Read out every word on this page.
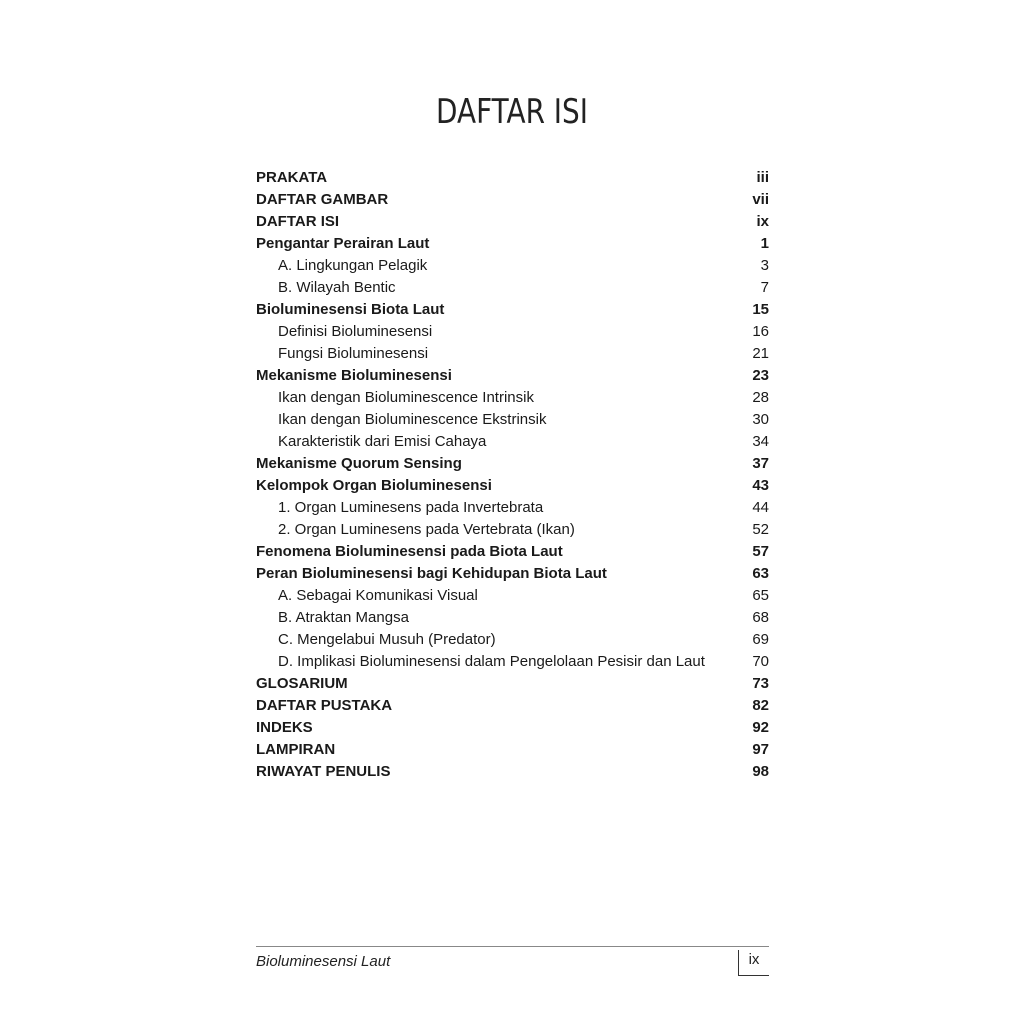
DAFTAR ISI
PRAKATA	iii
DAFTAR GAMBAR	vii
DAFTAR ISI	ix
Pengantar Perairan Laut	1
A. Lingkungan Pelagik	3
B. Wilayah Bentic	7
Bioluminesensi Biota Laut	15
Definisi Bioluminesensi	16
Fungsi Bioluminesensi	21
Mekanisme Bioluminesensi	23
Ikan dengan Bioluminescence Intrinsik	28
Ikan dengan Bioluminescence Ekstrinsik	30
Karakteristik dari Emisi Cahaya	34
Mekanisme Quorum Sensing	37
Kelompok Organ Bioluminesensi	43
1. Organ Luminesens pada Invertebrata	44
2. Organ Luminesens pada Vertebrata (Ikan)	52
Fenomena Bioluminesensi pada Biota Laut	57
Peran Bioluminesensi bagi Kehidupan Biota Laut	63
A. Sebagai Komunikasi Visual	65
B. Atraktan Mangsa	68
C. Mengelabui Musuh (Predator)	69
D. Implikasi Bioluminesensi dalam Pengelolaan Pesisir dan Laut	70
GLOSARIUM	73
DAFTAR PUSTAKA	82
INDEKS	92
LAMPIRAN	97
RIWAYAT PENULIS	98
Bioluminesensi Laut	ix
